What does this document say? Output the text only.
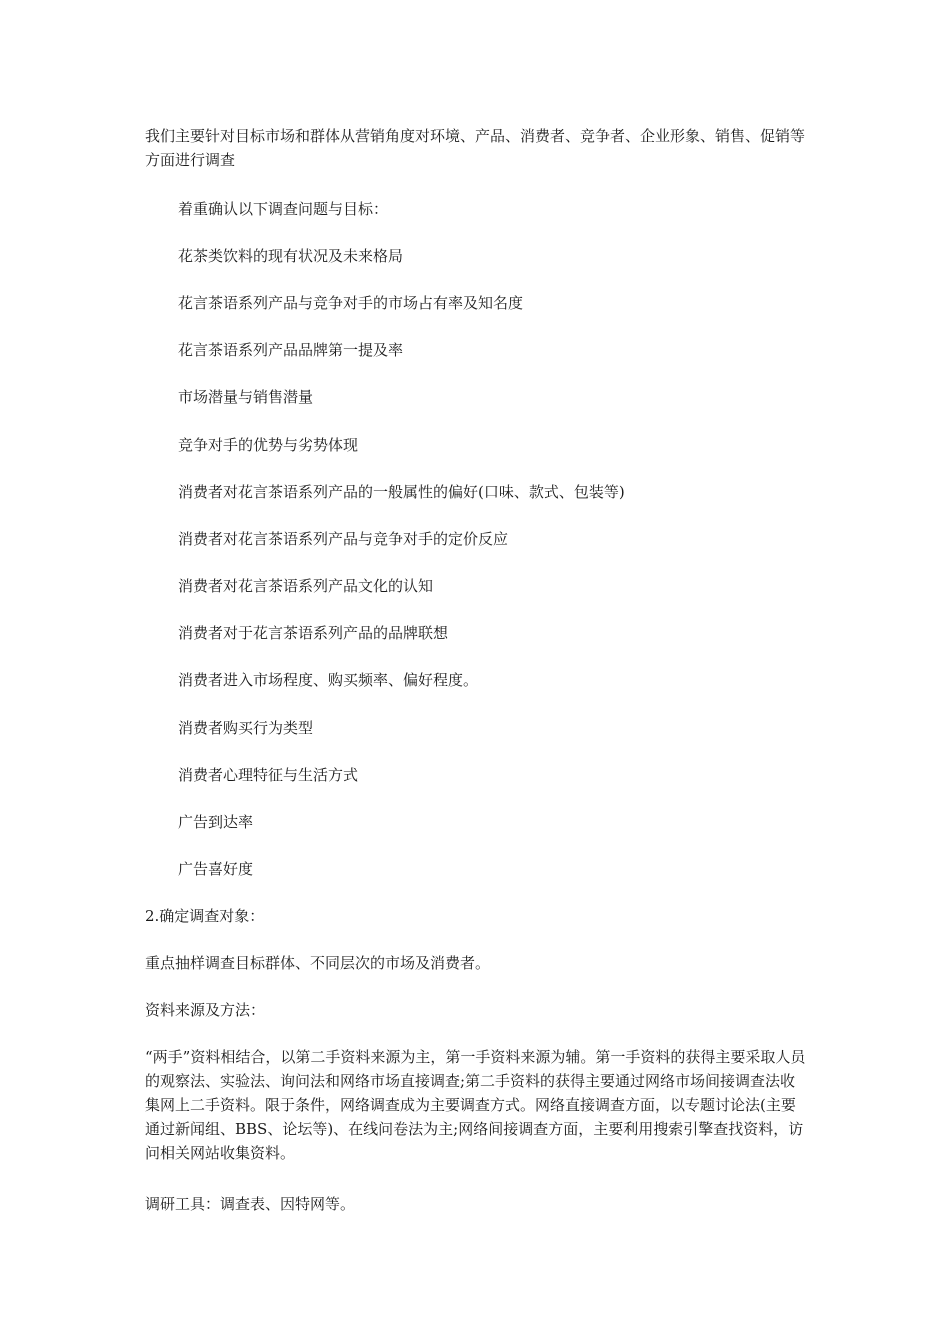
我们主要针对目标市场和群体从营销角度对环境、产品、消费者、竞争者、企业形象、销售、促销等方面进行调查

着重确认以下调查问题与目标：

花茶类饮料的现有状况及未来格局

花言茶语系列产品与竞争对手的市场占有率及知名度

花言茶语系列产品品牌第一提及率

市场潜量与销售潜量

竞争对手的优势与劣势体现

消费者对花言茶语系列产品的一般属性的偏好(口味、款式、包装等)

消费者对花言茶语系列产品与竞争对手的定价反应

消费者对花言茶语系列产品文化的认知

消费者对于花言茶语系列产品的品牌联想

消费者进入市场程度、购买频率、偏好程度。

消费者购买行为类型

消费者心理特征与生活方式

广告到达率

广告喜好度

2.确定调查对象：

重点抽样调查目标群体、不同层次的市场及消费者。

资料来源及方法：

“两手”资料相结合，以第二手资料来源为主，第一手资料来源为辅。第一手资料的获得主要采取人员的观察法、实验法、询问法和网络市场直接调查;第二手资料的获得主要通过网络市场间接调查法收集网上二手资料。限于条件，网络调查成为主要调查方式。网络直接调查方面，以专题讨论法(主要通过新闻组、BBS、论坛等)、在线问卷法为主;网络间接调查方面，主要利用搜索引擎查找资料，访问相关网站收集资料。

调研工具：调查表、因特网等。
